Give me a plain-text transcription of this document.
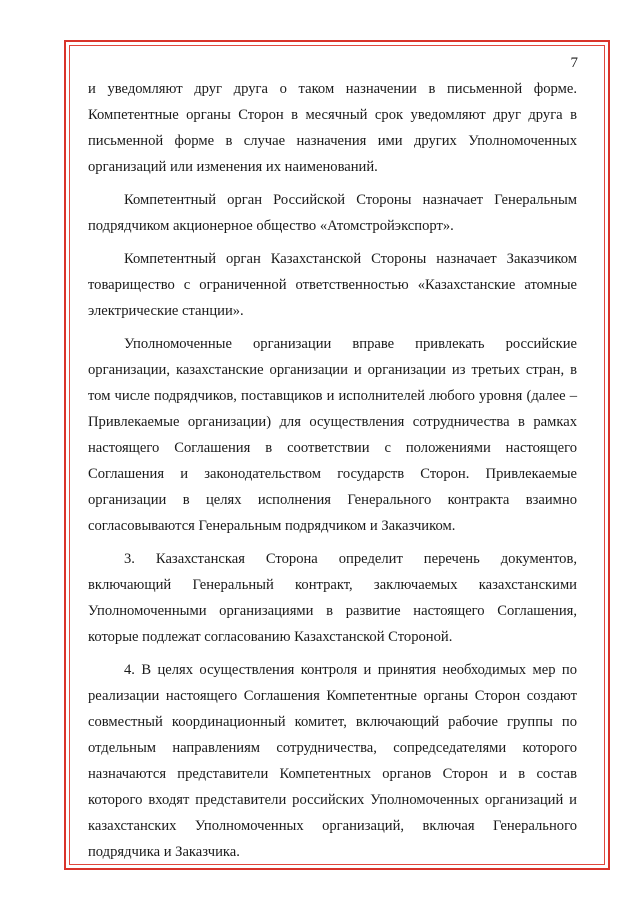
7

и уведомляют друг друга о таком назначении в письменной форме. Компетентные органы Сторон в месячный срок уведомляют друг друга в письменной форме в случае назначения ими других Уполномоченных организаций или изменения их наименований.

Компетентный орган Российской Стороны назначает Генеральным подрядчиком акционерное общество «Атомстройэкспорт».

Компетентный орган Казахстанской Стороны назначает Заказчиком товарищество с ограниченной ответственностью «Казахстанские атомные электрические станции».

Уполномоченные организации вправе привлекать российские организации, казахстанские организации и организации из третьих стран, в том числе подрядчиков, поставщиков и исполнителей любого уровня (далее – Привлекаемые организации) для осуществления сотрудничества в рамках настоящего Соглашения в соответствии с положениями настоящего Соглашения и законодательством государств Сторон. Привлекаемые организации в целях исполнения Генерального контракта взаимно согласовываются Генеральным подрядчиком и Заказчиком.

3. Казахстанская Сторона определит перечень документов, включающий Генеральный контракт, заключаемых казахстанскими Уполномоченными организациями в развитие настоящего Соглашения, которые подлежат согласованию Казахстанской Стороной.

4. В целях осуществления контроля и принятия необходимых мер по реализации настоящего Соглашения Компетентные органы Сторон создают совместный координационный комитет, включающий рабочие группы по отдельным направлениям сотрудничества, сопредседателями которого назначаются представители Компетентных органов Сторон и в состав которого входят представители российских Уполномоченных организаций и казахстанских Уполномоченных организаций, включая Генерального подрядчика и Заказчика.
